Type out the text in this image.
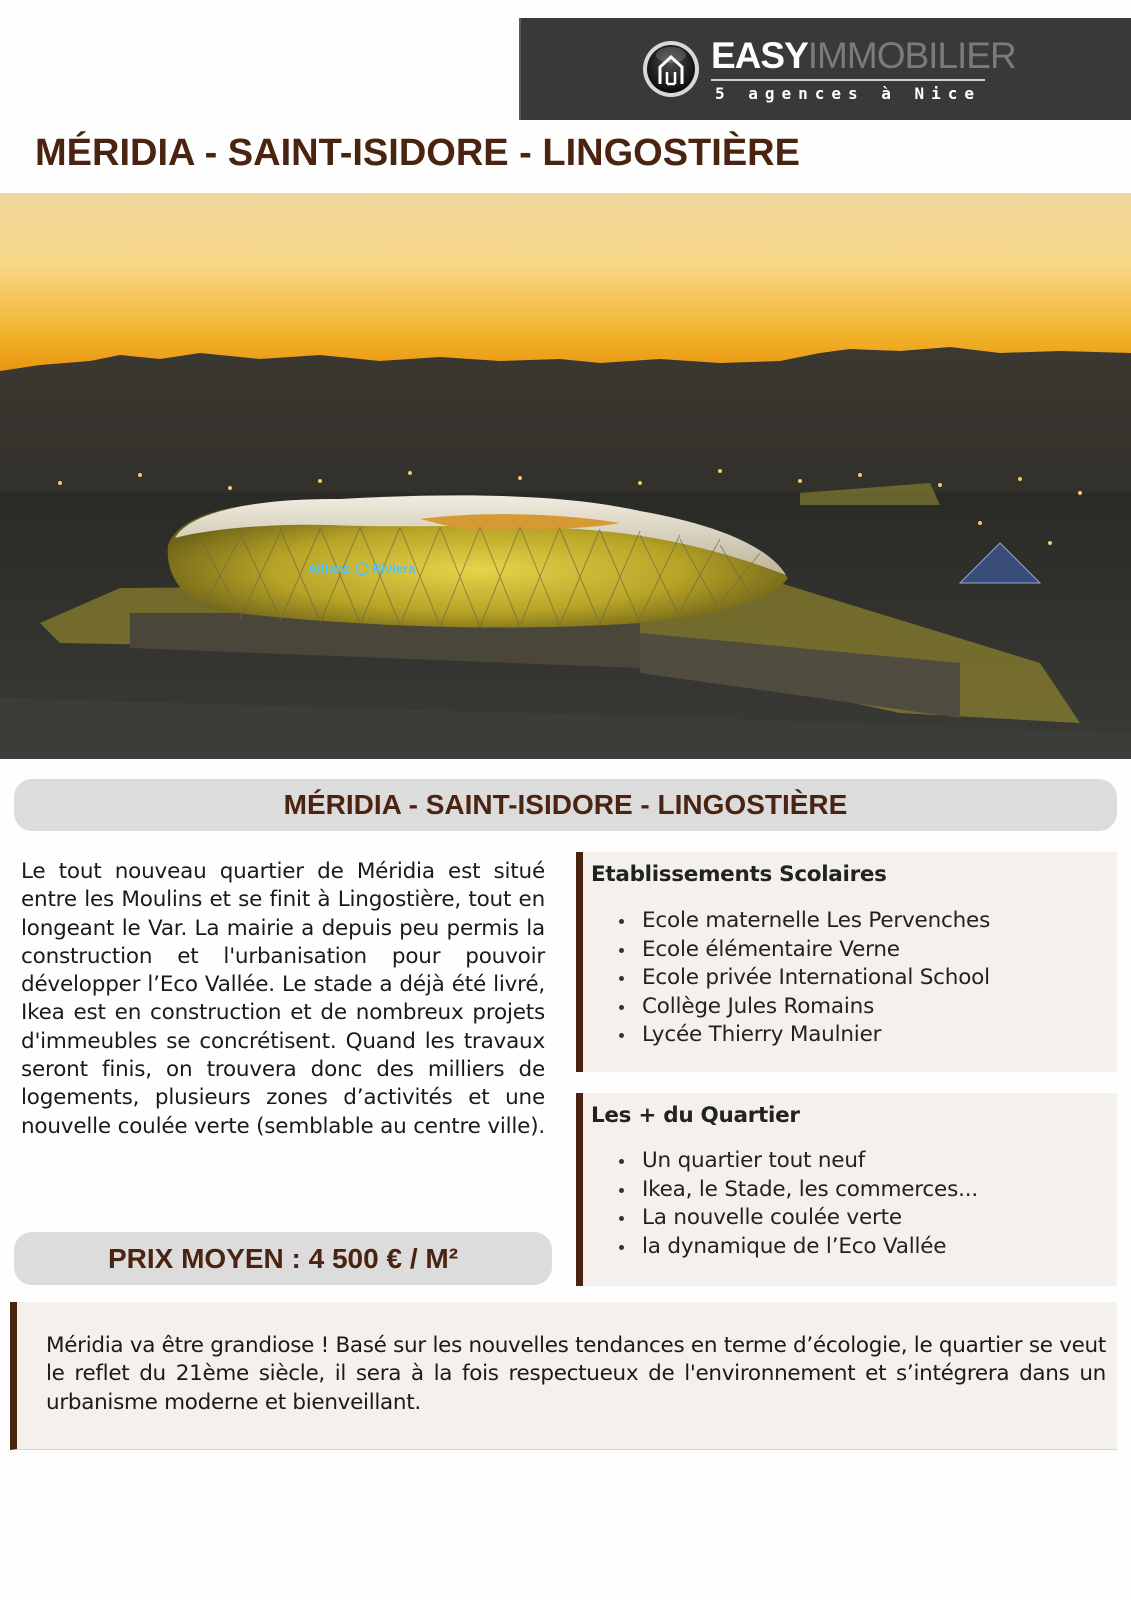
EASYIMMOBILIER
5 agences à Nice
MÉRIDIA - SAINT-ISIDORE - LINGOSTIÈRE
Allianz Riviera
MÉRIDIA - SAINT-ISIDORE - LINGOSTIÈRE

Le tout nouveau quartier de Méridia est situé entre les Moulins et se finit à Lingostière, tout en longeant le Var. La mairie a depuis peu permis la construction et l'urbanisation pour pouvoir développer l’Eco Vallée. Le stade a déjà été livré, Ikea est en construction et de nombreux projets d'immeubles se concrétisent. Quand les travaux seront finis, on trouvera donc des milliers de logements, plusieurs zones d’activités et une nouvelle coulée verte (semblable au centre ville).

PRIX MOYEN : 4 500 € / M²
Etablissements Scolaires
Ecole maternelle Les Pervenches
Ecole élémentaire Verne
Ecole privée International School
Collège Jules Romains
Lycée Thierry Maulnier
Les + du Quartier
Un quartier tout neuf
Ikea, le Stade, les commerces...
La nouvelle coulée verte
la dynamique de l’Eco Vallée

Méridia va être grandiose ! Basé sur les nouvelles tendances en terme d’écologie, le quartier se veut le reflet du 21ème siècle, il sera à la fois respectueux de l'environnement et s’intégrera dans un urbanisme moderne et bienveillant.
